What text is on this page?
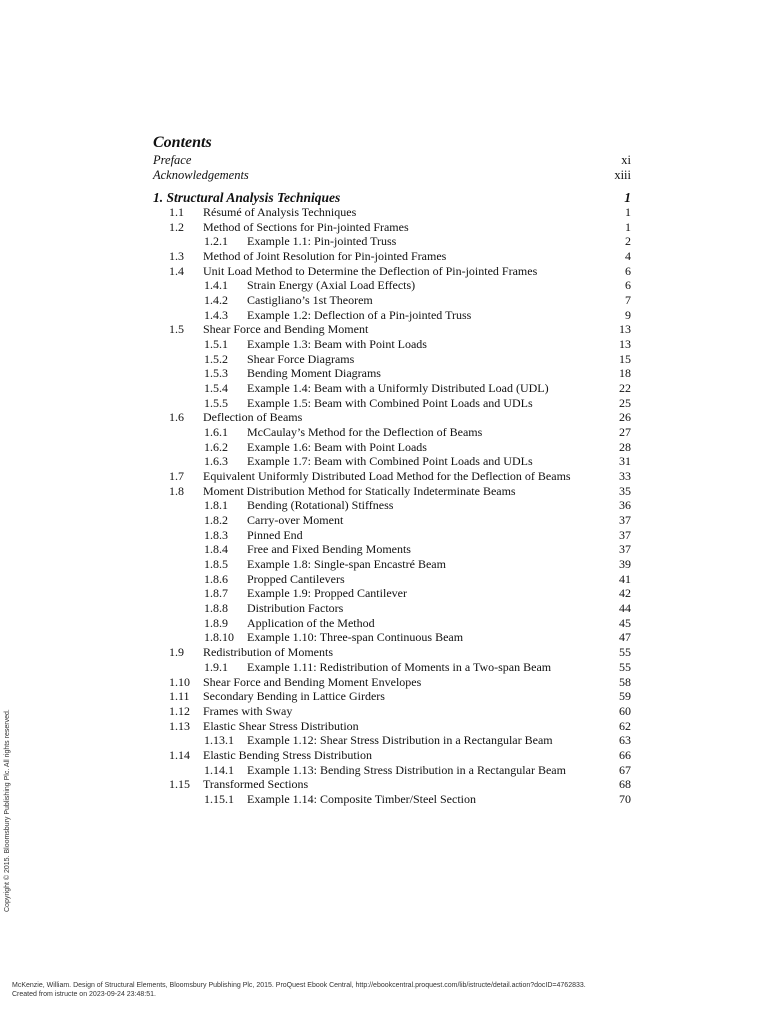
Contents
Preface	xi
Acknowledgements	xiii
1. Structural Analysis Techniques	1
1.1 Résumé of Analysis Techniques	1
1.2 Method of Sections for Pin-jointed Frames	1
1.2.1 Example 1.1: Pin-jointed Truss	2
1.3 Method of Joint Resolution for Pin-jointed Frames	4
1.4 Unit Load Method to Determine the Deflection of Pin-jointed Frames	6
1.4.1 Strain Energy (Axial Load Effects)	6
1.4.2 Castigliano’s 1st Theorem	7
1.4.3 Example 1.2: Deflection of a Pin-jointed Truss	9
1.5 Shear Force and Bending Moment	13
1.5.1 Example 1.3: Beam with Point Loads	13
1.5.2 Shear Force Diagrams	15
1.5.3 Bending Moment Diagrams	18
1.5.4 Example 1.4: Beam with a Uniformly Distributed Load (UDL)	22
1.5.5 Example 1.5: Beam with Combined Point Loads and UDLs	25
1.6 Deflection of Beams	26
1.6.1 McCaulay’s Method for the Deflection of Beams	27
1.6.2 Example 1.6: Beam with Point Loads	28
1.6.3 Example 1.7: Beam with Combined Point Loads and UDLs	31
1.7 Equivalent Uniformly Distributed Load Method for the Deflection of Beams	33
1.8 Moment Distribution Method for Statically Indeterminate Beams	35
1.8.1 Bending (Rotational) Stiffness	36
1.8.2 Carry-over Moment	37
1.8.3 Pinned End	37
1.8.4 Free and Fixed Bending Moments	37
1.8.5 Example 1.8: Single-span Encastré Beam	39
1.8.6 Propped Cantilevers	41
1.8.7 Example 1.9: Propped Cantilever	42
1.8.8 Distribution Factors	44
1.8.9 Application of the Method	45
1.8.10 Example 1.10: Three-span Continuous Beam	47
1.9 Redistribution of Moments	55
1.9.1 Example 1.11: Redistribution of Moments in a Two-span Beam	55
1.10 Shear Force and Bending Moment Envelopes	58
1.11 Secondary Bending in Lattice Girders	59
1.12 Frames with Sway	60
1.13 Elastic Shear Stress Distribution	62
1.13.1 Example 1.12: Shear Stress Distribution in a Rectangular Beam	63
1.14 Elastic Bending Stress Distribution	66
1.14.1 Example 1.13: Bending Stress Distribution in a Rectangular Beam	67
1.15 Transformed Sections	68
1.15.1 Example 1.14: Composite Timber/Steel Section	70
Copyright © 2015. Bloomsbury Publishing Plc. All rights reserved.
McKenzie, William. Design of Structural Elements, Bloomsbury Publishing Plc, 2015. ProQuest Ebook Central, http://ebookcentral.proquest.com/lib/istructe/detail.action?docID=4762833.
Created from istructe on 2023-09-24 23:48:51.
